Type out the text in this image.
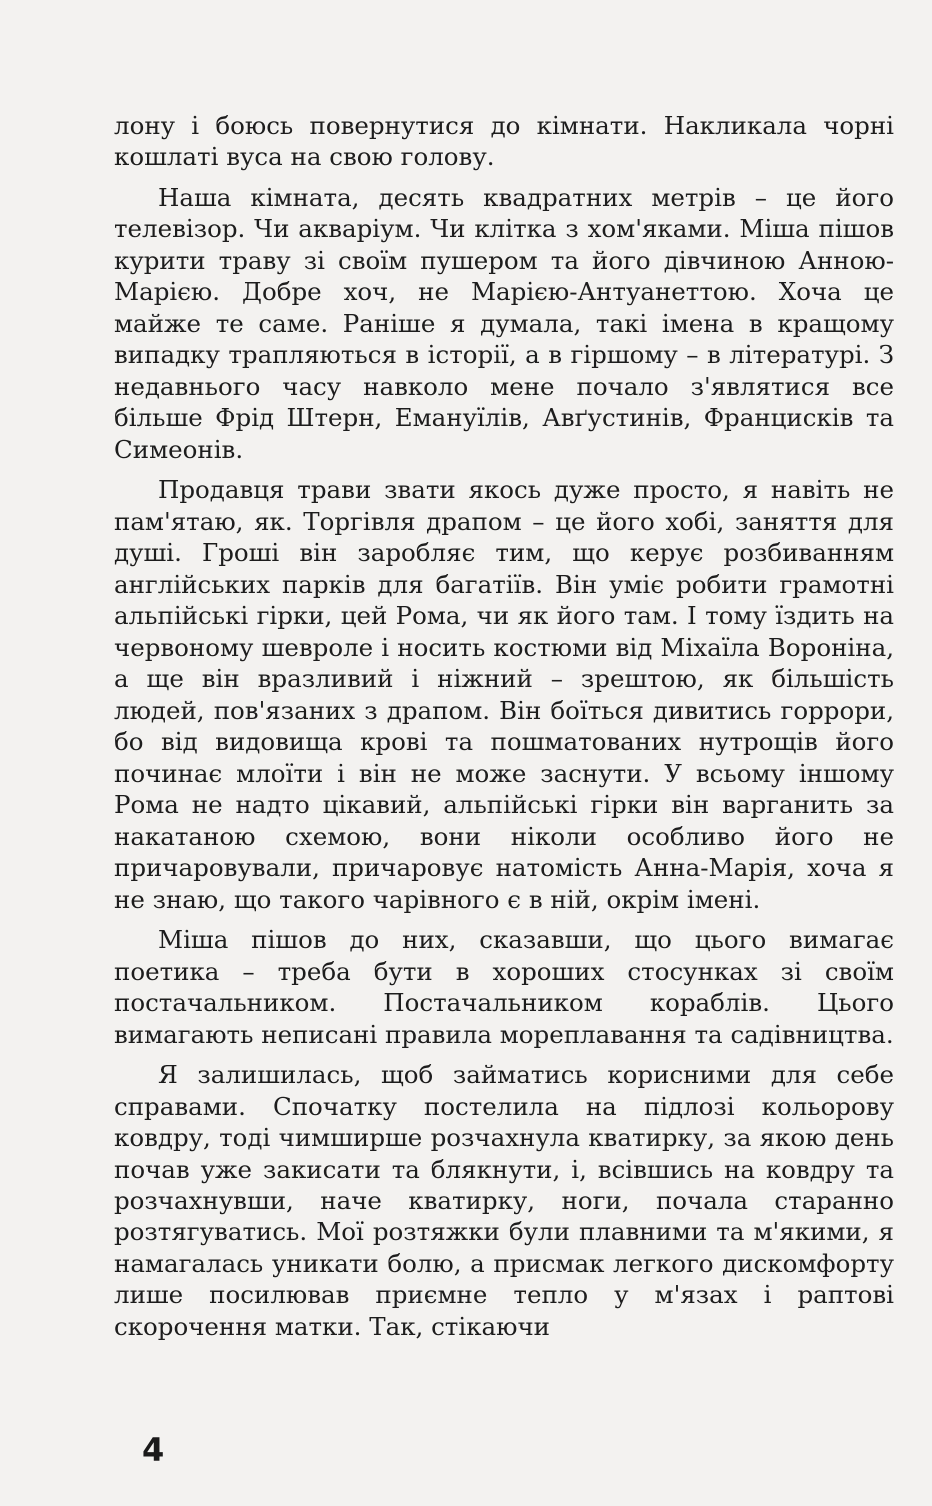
лону і боюсь повернутися до кімнати. Накликала чорні кошлаті вуса на свою голову.

Наша кімната, десять квадратних метрів – це його телевізор. Чи акваріум. Чи клітка з хом'яками. Міша пішов курити траву зі своїм пушером та його дівчиною Анною-Марією. Добре хоч, не Марією-Антуанеттою. Хоча це майже те саме. Раніше я думала, такі імена в кращому випадку трапляються в історії, а в гіршому – в літературі. З недавнього часу навколо мене почало з'являтися все більше Фрід Штерн, Емануїлів, Авґустинів, Францисків та Симеонів.

Продавця трави звати якось дуже просто, я навіть не пам'ятаю, як. Торгівля драпом – це його хобі, заняття для душі. Гроші він заробляє тим, що керує розбиванням англійських парків для багатіїв. Він уміє робити грамотні альпійські гірки, цей Рома, чи як його там. І тому їздить на червоному шевроле і носить костюми від Міхаїла Вороніна, а ще він вразливий і ніжний – зрештою, як більшість людей, пов'язаних з драпом. Він боїться дивитись горрори, бо від видовища крові та пошматованих нутрощів його починає млоїти і він не може заснути. У всьому іншому Рома не надто цікавий, альпійські гірки він варганить за накатаною схемою, вони ніколи особливо його не причаровували, причаровує натомість Анна-Марія, хоча я не знаю, що такого чарівного є в ній, окрім імені.

Міша пішов до них, сказавши, що цього вимагає поетика – треба бути в хороших стосунках зі своїм постачальником. Постачальником кораблів. Цього вимагають неписані правила мореплавання та садівництва.

Я залишилась, щоб займатись корисними для себе справами. Спочатку постелила на підлозі кольорову ковдру, тоді чимширше розчахнула кватирку, за якою день почав уже закисати та блякнути, і, всівшись на ковдру та розчахнувши, наче кватирку, ноги, почала старанно розтягуватись. Мої розтяжки були плавними та м'якими, я намагалась уникати болю, а присмак легкого дискомфорту лише посилював приємне тепло у м'язах і раптові скорочення матки. Так, стікаючи

4
